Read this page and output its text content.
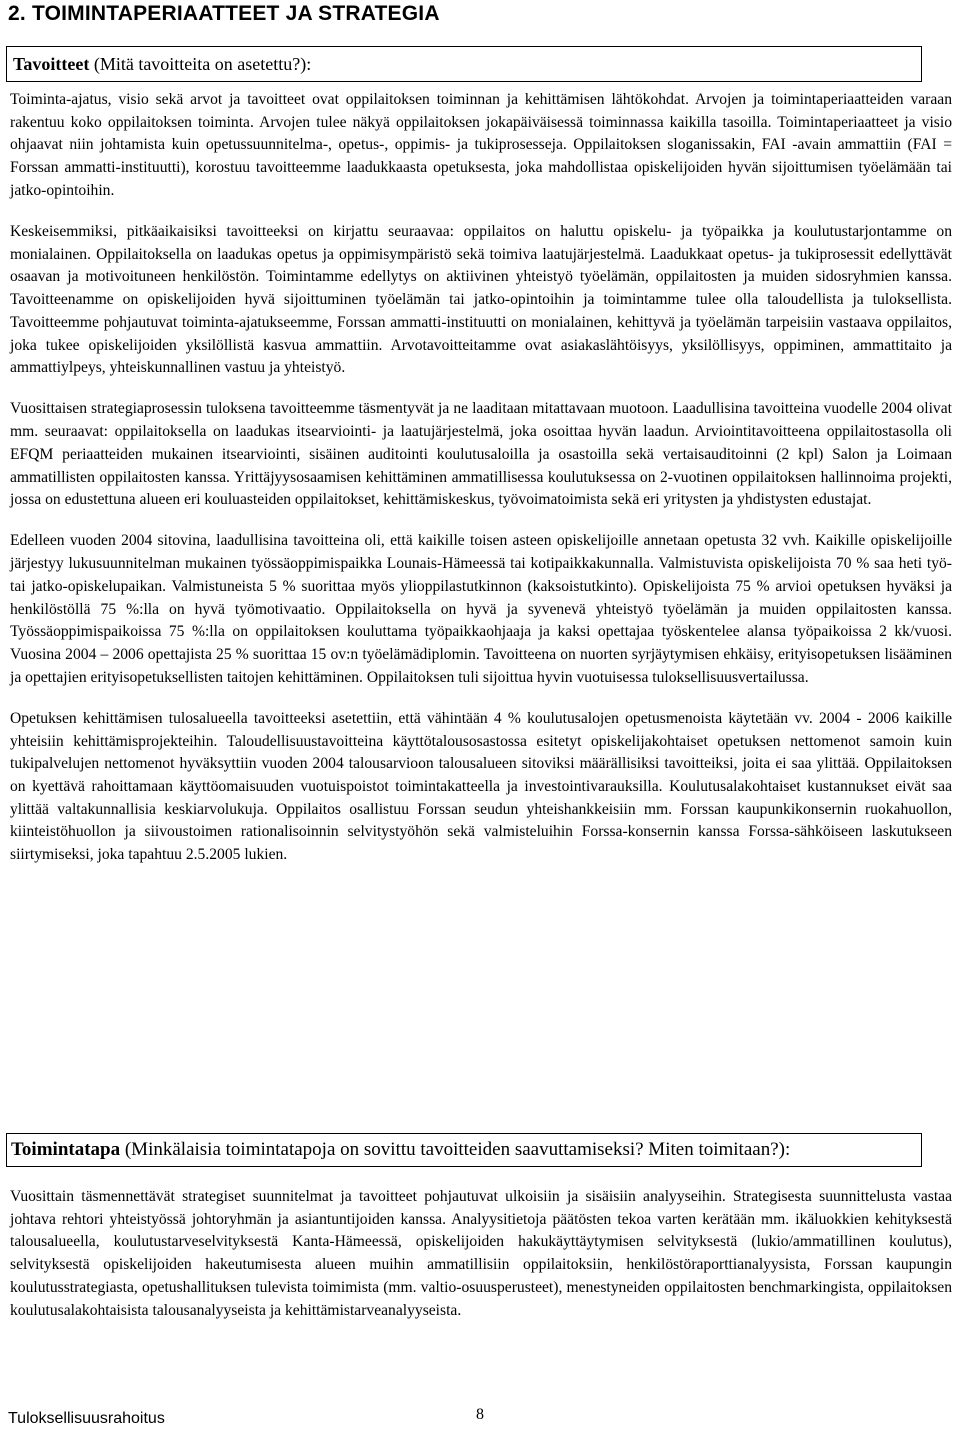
2. TOIMINTAPERIAATTEET JA STRATEGIA
Tavoitteet (Mitä tavoitteita on asetettu?):

Toiminta-ajatus, visio sekä arvot ja tavoitteet ovat oppilaitoksen toiminnan ja kehittämisen lähtökohdat. Arvojen ja toimintaperiaatteiden varaan rakentuu koko oppilaitoksen toiminta. Arvojen tulee näkyä oppilaitoksen jokapäiväisessä toiminnassa kaikilla tasoilla. Toimintaperiaatteet ja visio ohjaavat niin johtamista kuin opetussuunnitelma-, opetus-, oppimis- ja tukiprosesseja. Oppilaitoksen sloganissakin, FAI -avain ammattiin (FAI = Forssan ammatti-instituutti), korostuu tavoitteemme laadukkaasta opetuksesta, joka mahdollistaa opiskelijoiden hyvän sijoittumisen työelämään tai jatko-opintoihin.

Keskeisemmiksi, pitkäaikaisiksi tavoitteeksi on kirjattu seuraavaa: oppilaitos on haluttu opiskelu- ja työpaikka ja koulutustarjontamme on monialainen. Oppilaitoksella on laadukas opetus ja oppimisympäristö sekä toimiva laatujärjestelmä. Laadukkaat opetus- ja tukiprosessit edellyttävät osaavan ja motivoituneen henkilöstön. Toimintamme edellytys on aktiivinen yhteistyö työelämän, oppilaitosten ja muiden sidosryhmien kanssa. Tavoitteenamme on opiskelijoiden hyvä sijoittuminen työelämän tai jatko-opintoihin ja toimintamme tulee olla taloudellista ja tuloksellista. Tavoitteemme pohjautuvat toiminta-ajatukseemme, Forssan ammatti-instituutti on monialainen, kehittyvä ja työelämän tarpeisiin vastaava oppilaitos, joka tukee opiskelijoiden yksilöllistä kasvua ammattiin. Arvotavoitteitamme ovat asiakaslähtöisyys, yksilöllisyys, oppiminen, ammattitaito ja ammattiylpeys, yhteiskunnallinen vastuu ja yhteistyö.

Vuosittaisen strategiaprosessin tuloksena tavoitteemme täsmentyvät ja ne laaditaan mitattavaan muotoon. Laadullisina tavoitteina vuodelle 2004 olivat mm. seuraavat: oppilaitoksella on laadukas itsearviointi- ja laatujärjestelmä, joka osoittaa hyvän laadun. Arviointitavoitteena oppilaitostasolla oli EFQM periaatteiden mukainen itsearviointi, sisäinen auditointi koulutusaloilla ja osastoilla sekä vertaisauditoinni (2 kpl) Salon ja Loimaan ammatillisten oppilaitosten kanssa. Yrittäjyysosaamisen kehittäminen ammatillisessa koulutuksessa on 2-vuotinen oppilaitoksen hallinnoima projekti, jossa on edustettuna alueen eri kouluasteiden oppilaitokset, kehittämiskeskus, työvoimatoimista sekä eri yritysten ja yhdistysten edustajat.

Edelleen vuoden 2004 sitovina, laadullisina tavoitteina oli, että kaikille toisen asteen opiskelijoille annetaan opetusta 32 vvh. Kaikille opiskelijoille järjestyy lukusuunnitelman mukainen työssäoppimispaikka Lounais-Hämeessä tai kotipaikkakunnalla. Valmistuvista opiskelijoista 70 % saa heti työ- tai jatko-opiskelupaikan. Valmistuneista 5 % suorittaa myös ylioppilastutkinnon (kaksoistutkinto). Opiskelijoista 75 % arvioi opetuksen hyväksi ja henkilöstöllä 75 %:lla on hyvä työmotivaatio. Oppilaitoksella on hyvä ja syvenevä yhteistyö työelämän ja muiden oppilaitosten kanssa. Työssäoppimispaikoissa 75 %:lla on oppilaitoksen kouluttama työpaikkaohjaaja ja kaksi opettajaa työskentelee alansa työpaikoissa 2 kk/vuosi. Vuosina 2004 – 2006 opettajista 25 % suorittaa 15 ov:n työelämädiplomin. Tavoitteena on nuorten syrjäytymisen ehkäisy, erityisopetuksen lisääminen ja opettajien erityisopetuksellisten taitojen kehittäminen. Oppilaitoksen tuli sijoittua hyvin vuotuisessa tuloksellisuusvertailussa.

Opetuksen kehittämisen tulosalueella tavoitteeksi asetettiin, että vähintään 4 % koulutusalojen opetusmenoista käytetään vv. 2004 - 2006 kaikille yhteisiin kehittämisprojekteihin. Taloudellisuustavoitteina käyttötalousosastossa esitetyt opiskelijakohtaiset opetuksen nettomenot samoin kuin tukipalvelujen nettomenot hyväksyttiin vuoden 2004 talousarvioon talousalueen sitoviksi määrällisiksi tavoitteiksi, joita ei saa ylittää. Oppilaitoksen on kyettävä rahoittamaan käyttöomaisuuden vuotuispoistot toimintakatteella ja investointivarauksilla. Koulutusalakohtaiset kustannukset eivät saa ylittää valtakunnallisia keskiarvolukuja. Oppilaitos osallistuu Forssan seudun yhteishankkeisiin mm. Forssan kaupunkikonsernin ruokahuollon, kiinteistöhuollon ja siivoustoimen rationalisoinnin selvitystyöhön sekä valmisteluihin Forssa-konsernin kanssa Forssa-sähköiseen laskutukseen siirtymiseksi, joka tapahtuu 2.5.2005 lukien.

Toimintatapa (Minkälaisia toimintatapoja on sovittu tavoitteiden saavuttamiseksi? Miten toimitaan?):

Vuosittain täsmennettävät strategiset suunnitelmat ja tavoitteet pohjautuvat ulkoisiin ja sisäisiin analyyseihin. Strategisesta suunnittelusta vastaa johtava rehtori yhteistyössä johtoryhmän ja asiantuntijoiden kanssa. Analyysitietoja päätösten tekoa varten kerätään mm. ikäluokkien kehityksestä talousalueella, koulutustarveselvityksestä Kanta-Hämeessä, opiskelijoiden hakukäyttäytymisen selvityksestä (lukio/ammatillinen koulutus), selvityksestä opiskelijoiden hakeutumisesta alueen muihin ammatillisiin oppilaitoksiin, henkilöstöraporttianalyysista, Forssan kaupungin koulutusstrategiasta, opetushallituksen tulevista toimimista (mm. valtio-osuusperusteet), menestyneiden oppilaitosten benchmarkingista, oppilaitoksen koulutusalakohtaisista talousanalyyseista ja kehittämistarveanalyyseista.

Tuloksellisuusrahoitus	8
